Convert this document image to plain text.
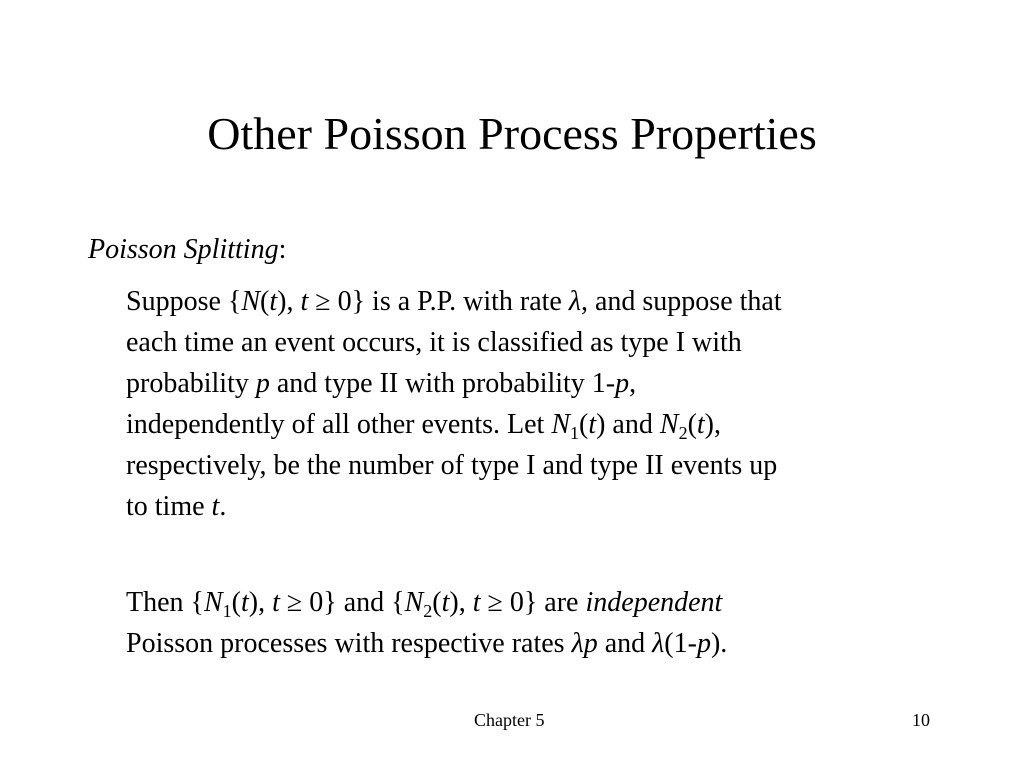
Other Poisson Process Properties
Poisson Splitting:

Suppose {N(t), t ≥ 0} is a P.P. with rate λ, and suppose that
each time an event occurs, it is classified as type I with
probability p and type II with probability 1-p,
independently of all other events. Let $N_1(t)$ and $N_2(t)$,
respectively, be the number of type I and type II events up
to time t.

Then {$N_1(t)$, t ≥ 0} and {$N_2(t)$, t ≥ 0} are independent
Poisson processes with respective rates λp and λ(1-p).

Chapter 5	10
